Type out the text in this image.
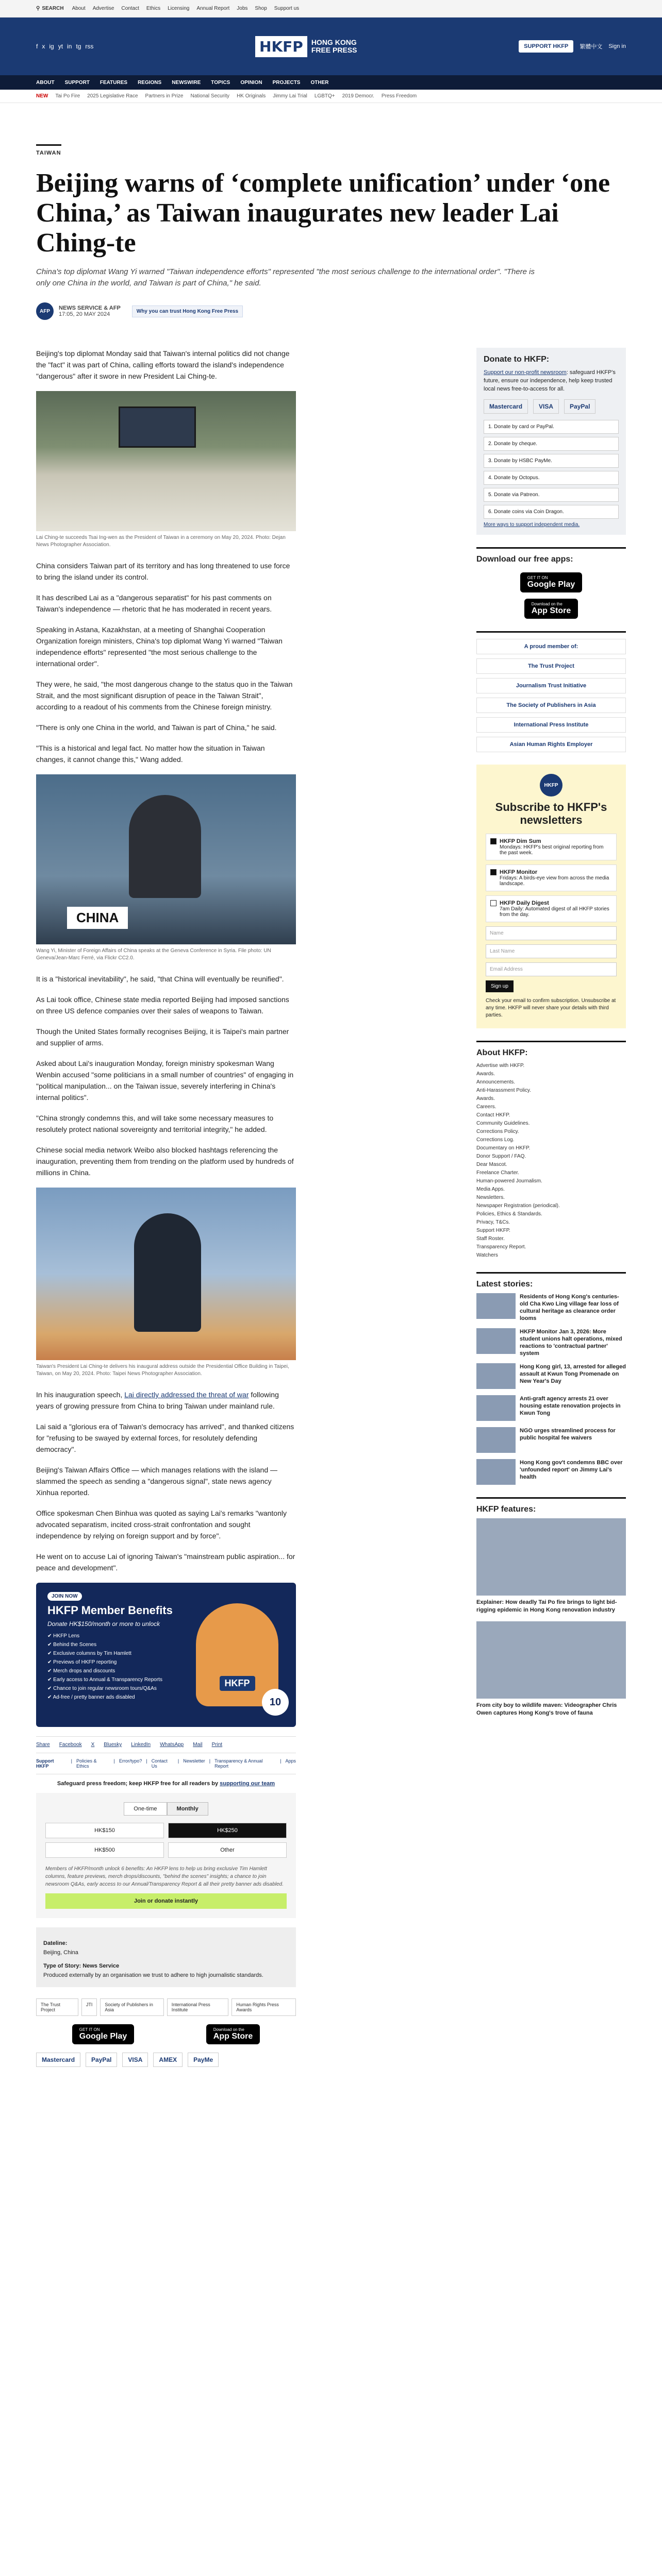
⚲ SEARCH About Advertise Contact Ethics Licensing Annual Report Jobs Shop Support us
f x ig yt in tg rss	HKFP	HONG KONG
FREE PRESS	SUPPORT HKFP	繁體中文 Sign in
ABOUT SUPPORT FEATURES REGIONS NEWSWIRE TOPICS OPINION PROJECTS OTHER
NEW Tai Po Fire 2025 Legislative Race Partners in Prize National Security HK Originals Jimmy Lai Trial LGBTQ+ 2019 Democr. Press Freedom
TAIWAN
Beijing warns of ‘complete unification’ under ‘one China,’ as Taiwan inaugurates new leader Lai Ching-te
China's top diplomat Wang Yi warned "Taiwan independence efforts" represented "the most serious challenge to the international order". "There is only one China in the world, and Taiwan is part of China," he said.
AFP	NEWS SERVICE & AFP
17:05, 20 MAY 2024	Why you can trust Hong Kong Free Press

Beijing's top diplomat Monday said that Taiwan's internal politics did not change the "fact" it was part of China, calling efforts toward the island's independence "dangerous" after it swore in new President Lai Ching-te.

Lai Ching-te succeeds Tsai Ing-wen as the President of Taiwan in a ceremony on May 20, 2024. Photo: Dejan News Photographer Association.

China considers Taiwan part of its territory and has long threatened to use force to bring the island under its control.

It has described Lai as a "dangerous separatist" for his past comments on Taiwan's independence — rhetoric that he has moderated in recent years.

Speaking in Astana, Kazakhstan, at a meeting of Shanghai Cooperation Organization foreign ministers, China's top diplomat Wang Yi warned "Taiwan independence efforts" represented "the most serious challenge to the international order".

They were, he said, "the most dangerous change to the status quo in the Taiwan Strait, and the most significant disruption of peace in the Taiwan Strait", according to a readout of his comments from the Chinese foreign ministry.

"There is only one China in the world, and Taiwan is part of China," he said.

"This is a historical and legal fact. No matter how the situation in Taiwan changes, it cannot change this," Wang added.

CHINA
Wang Yi, Minister of Foreign Affairs of China speaks at the Geneva Conference in Syria. File photo: UN Geneva/Jean-Marc Ferré, via Flickr CC2.0.

It is a "historical inevitability", he said, "that China will eventually be reunified".

As Lai took office, Chinese state media reported Beijing had imposed sanctions on three US defence companies over their sales of weapons to Taiwan.

Though the United States formally recognises Beijing, it is Taipei's main partner and supplier of arms.

Asked about Lai's inauguration Monday, foreign ministry spokesman Wang Wenbin accused "some politicians in a small number of countries" of engaging in "political manipulation... on the Taiwan issue, severely interfering in China's internal politics".

"China strongly condemns this, and will take some necessary measures to resolutely protect national sovereignty and territorial integrity," he added.

Chinese social media network Weibo also blocked hashtags referencing the inauguration, preventing them from trending on the platform used by hundreds of millions in China.

Taiwan's President Lai Ching-te delivers his inaugural address outside the Presidential Office Building in Taipei, Taiwan, on May 20, 2024. Photo: Taipei News Photographer Association.

In his inauguration speech, Lai directly addressed the threat of war following years of growing pressure from China to bring Taiwan under mainland rule.

Lai said a "glorious era of Taiwan's democracy has arrived", and thanked citizens for "refusing to be swayed by external forces, for resolutely defending democracy".

Beijing's Taiwan Affairs Office — which manages relations with the island — slammed the speech as sending a "dangerous signal", state news agency Xinhua reported.

Office spokesman Chen Binhua was quoted as saying Lai's remarks "wantonly advocated separatism, incited cross-strait confrontation and sought independence by relying on foreign support and by force".

He went on to accuse Lai of ignoring Taiwan's "mainstream public aspiration... for peace and development".

JOIN NOW
HKFP Member Benefits
Donate HK$150/month or more to unlock
✔ HKFP Lens
✔ Behind the Scenes
✔ Exclusive columns by Tim Hamlett
✔ Previews of HKFP reporting
✔ Merch drops and discounts
✔ Early access to Annual & Transparency Reports
✔ Chance to join regular newsroom tours/Q&As
✔ Ad-free / pretty banner ads disabled
HKFP
10
Share Facebook X Bluesky LinkedIn WhatsApp Mail Print
Support HKFP
| Policies & Ethics
| Error/typo? | Contact Us
| Newsletter | Transparency & Annual Report
| Apps
Safeguard press freedom; keep HKFP free for all readers by supporting our team
One-time	Monthly
HK$150	HK$250
HK$500	Other
Members of HKFP/month unlock 6 benefits: An HKFP lens to help us bring exclusive Tim Hamlett columns, feature previews, merch drops/discounts, "behind the scenes" insights; a chance to join newsroom Q&As, early access to our Annual/Transparency Report & all their pretty banner ads disabled.
Join or donate instantly
Dateline:
Beijing, China
Type of Story: News Service
Produced externally by an organisation we trust to adhere to high journalistic standards.
The Trust Project
JTI	Society of Publishers in Asia
International Press Institute
Human Rights Press Awards
GET IT ON
Google Play
Download on the
App Store
Mastercard	PayPal	VISA	AMEX	PayMe
Donate to HKFP:

Support our non-profit newsroom: safeguard HKFP's future, ensure our independence, help keep trusted local news free-to-access for all.

Mastercard	VISA	PayPal
1. Donate by card or PayPal.
2. Donate by cheque.
3. Donate by HSBC PayMe.
4. Donate by Octopus.
5. Donate via Patreon.
6. Donate coins via Coin Dragon.
More ways to support independent media.
Download our free apps:
GET IT ON
Google Play
Download on the
App Store
A proud member of:
The Trust Project
Journalism Trust Initiative
The Society of Publishers in Asia
International Press Institute
Asian Human Rights Employer
HKFP
Subscribe to HKFP's newsletters
HKFP Dim Sum
Mondays: HKFP's best original reporting from the past week.
HKFP Monitor
Fridays: A birds-eye view from across the media landscape.
HKFP Daily Digest
7am Daily: Automated digest of all HKFP stories from the day.
Name
Last Name
Email Address
Sign up
Check your email to confirm subscription. Unsubscribe at any time. HKFP will never share your details with third parties.
About HKFP:
Advertise with HKFP.
Awards.
Announcements.
Anti-Harassment Policy.
Awards.
Careers.
Contact HKFP.
Community Guidelines.
Corrections Policy.
Corrections Log.
Documentary on HKFP.
Donor Support / FAQ.
Dear Mascot.
Freelance Charter.
Human-powered Journalism.
Media Apps.
Newsletters.
Newspaper Registration (periodical).
Policies, Ethics & Standards.
Privacy, T&Cs.
Support HKFP.
Staff Roster.
Transparency Report.
Watchers
Latest stories:
Residents of Hong Kong's centuries-old Cha Kwo Ling village fear loss of cultural heritage as clearance order looms
HKFP Monitor Jan 3, 2026: More student unions halt operations, mixed reactions to 'contractual partner' system
Hong Kong girl, 13, arrested for alleged assault at Kwun Tong Promenade on New Year's Day
Anti-graft agency arrests 21 over housing estate renovation projects in Kwun Tong
NGO urges streamlined process for public hospital fee waivers
Hong Kong gov't condemns BBC over 'unfounded report' on Jimmy Lai's health
HKFP features:

Explainer: How deadly Tai Po fire brings to light bid-rigging epidemic in Hong Kong renovation industry

From city boy to wildlife maven: Videographer Chris Owen captures Hong Kong's trove of fauna
